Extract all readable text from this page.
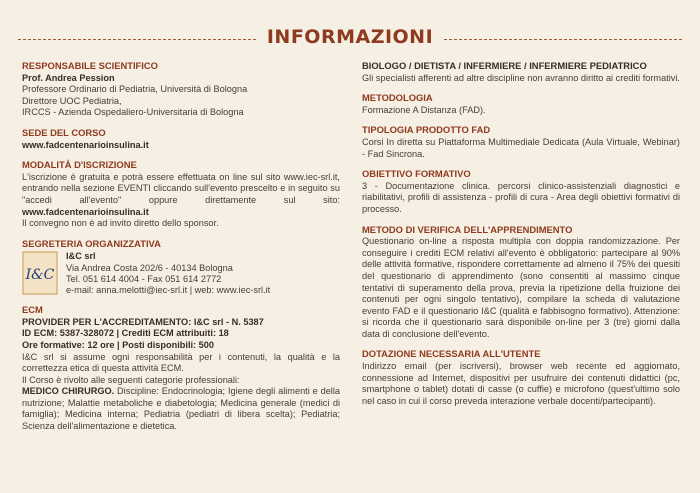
INFORMAZIONI
RESPONSABILE SCIENTIFICO
Prof. Andrea Pession
Professore Ordinario di Pediatria, Università di Bologna
Direttore UOC Pediatria,
IRCCS - Azienda Ospedaliero-Universitaria di Bologna
SEDE DEL CORSO
www.fadcentenarioinsulina.it
MODALITÀ D'ISCRIZIONE
L'iscrizione è gratuita e potrà essere effettuata on line sul sito www.iec-srl.it, entrando nella sezione EVENTI cliccando sull'evento prescelto e in seguito su "accedi all'evento" oppure direttamente sul sito: www.fadcentenarioinsulina.it
Il convegno non è ad invito diretto dello sponsor.
SEGRETERIA ORGANIZZATIVA
I&C
I&C srl
Via Andrea Costa 202/6 - 40134 Bologna
Tel. 051 614 4004 - Fax 051 614 2772
e-mail: anna.melotti@iec-srl.it | web: www.iec-srl.it
ECM
PROVIDER PER L'ACCREDITAMENTO: I&C srl - N. 5387
ID ECM: 5387-328072 | Crediti ECM attribuiti: 18
Ore formative: 12 ore | Posti disponibili: 500
I&C srl si assume ogni responsabilità per i contenuti, la qualità e la correttezza etica di questa attività ECM.
Il Corso è rivolto alle seguenti categorie professionali:
MEDICO CHIRURGO. Discipline: Endocrinologia; Igiene degli alimenti e della nutrizione; Malattie metaboliche e diabetologia; Medicina generale (medici di famiglia); Medicina interna; Pediatria (pediatri di libera scelta); Pediatria; Scienza dell'alimentazione e dietetica.
BIOLOGO / DIETISTA / INFERMIERE / INFERMIERE PEDIATRICO
Gli specialisti afferenti ad altre discipline non avranno diritto ai crediti formativi.
METODOLOGIA
Formazione A Distanza (FAD).
TIPOLOGIA PRODOTTO FAD
Corsi In diretta su Piattaforma Multimediale Dedicata (Aula Virtuale, Webinar) - Fad Sincrona.
OBIETTIVO FORMATIVO
3 - Documentazione clinica. percorsi clinico-assistenziali diagnostici e riabilitativi, profili di assistenza - profili di cura - Area degli obiettivi formativi di processo.
METODO DI VERIFICA DELL'APPRENDIMENTO
Questionario on-line a risposta multipla con doppia randomizzazione. Per conseguire i crediti ECM relativi all'evento è obbligatorio: partecipare al 90% delle attività formative, rispondere correttamente ad almeno il 75% dei quesiti del questionario di apprendimento (sono consentiti al massimo cinque tentativi di superamento della prova, previa la ripetizione della fruizione dei contenuti per ogni singolo tentativo), compilare la scheda di valutazione evento FAD e il questionario I&C (qualità e fabbisogno formativo). Attenzione: si ricorda che il questionario sarà disponibile on-line per 3 (tre) giorni dalla data di conclusione dell'evento.
DOTAZIONE NECESSARIA ALL'UTENTE
Indirizzo email (per iscriversi), browser web recente ed aggiornato, connessione ad Internet, dispositivi per usufruire dei contenuti didattici (pc, smartphone o tablet) dotati di casse (o cuffie) e microfono (quest'ultimo solo nel caso in cui il corso preveda interazione verbale docenti/partecipanti).
